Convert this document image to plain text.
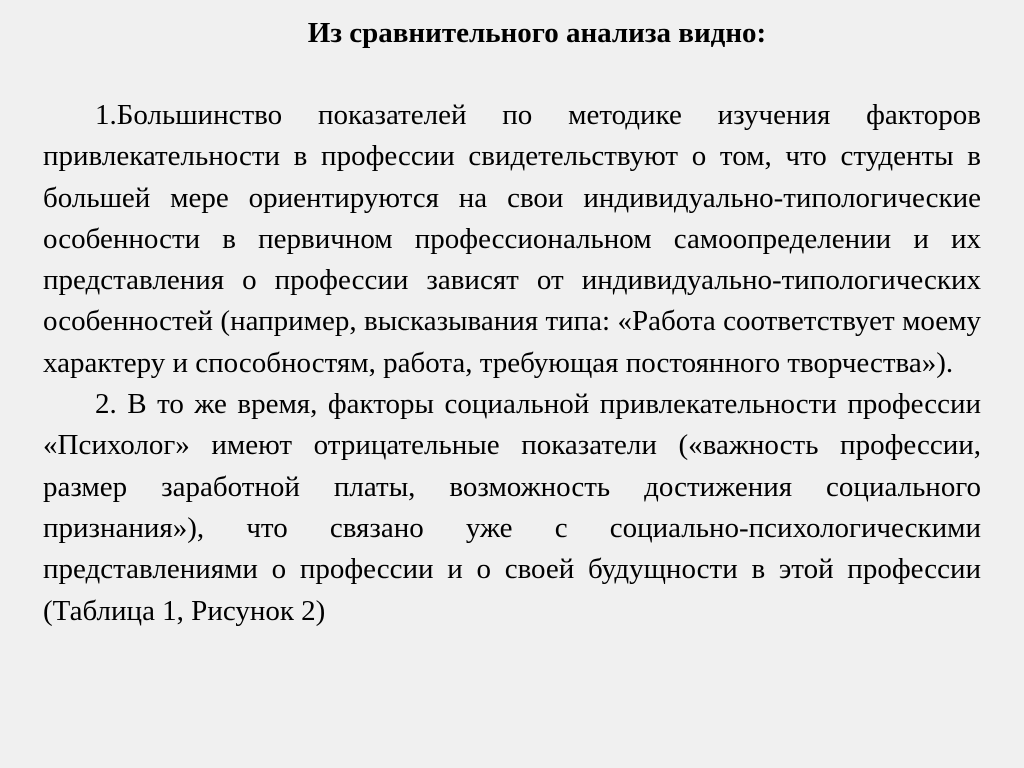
Из сравнительного анализа видно:

1.Большинство показателей по методике изучения факторов привлекательности в профессии свидетельствуют о том, что студенты в большей мере ориентируются на свои индивидуально-типологические особенности в первичном профессиональном самоопределении и их представления о профессии зависят от индивидуально-типологических особенностей (например, высказывания типа: «Работа соответствует моему характеру и способностям, работа, требующая постоянного творчества»).

2. В то же время, факторы социальной привлекательности профессии «Психолог» имеют отрицательные показатели («важность профессии, размер заработной платы, возможность достижения социального признания»), что связано уже с социально-психологическими представлениями о профессии и о своей будущности в этой профессии (Таблица 1, Рисунок 2)
